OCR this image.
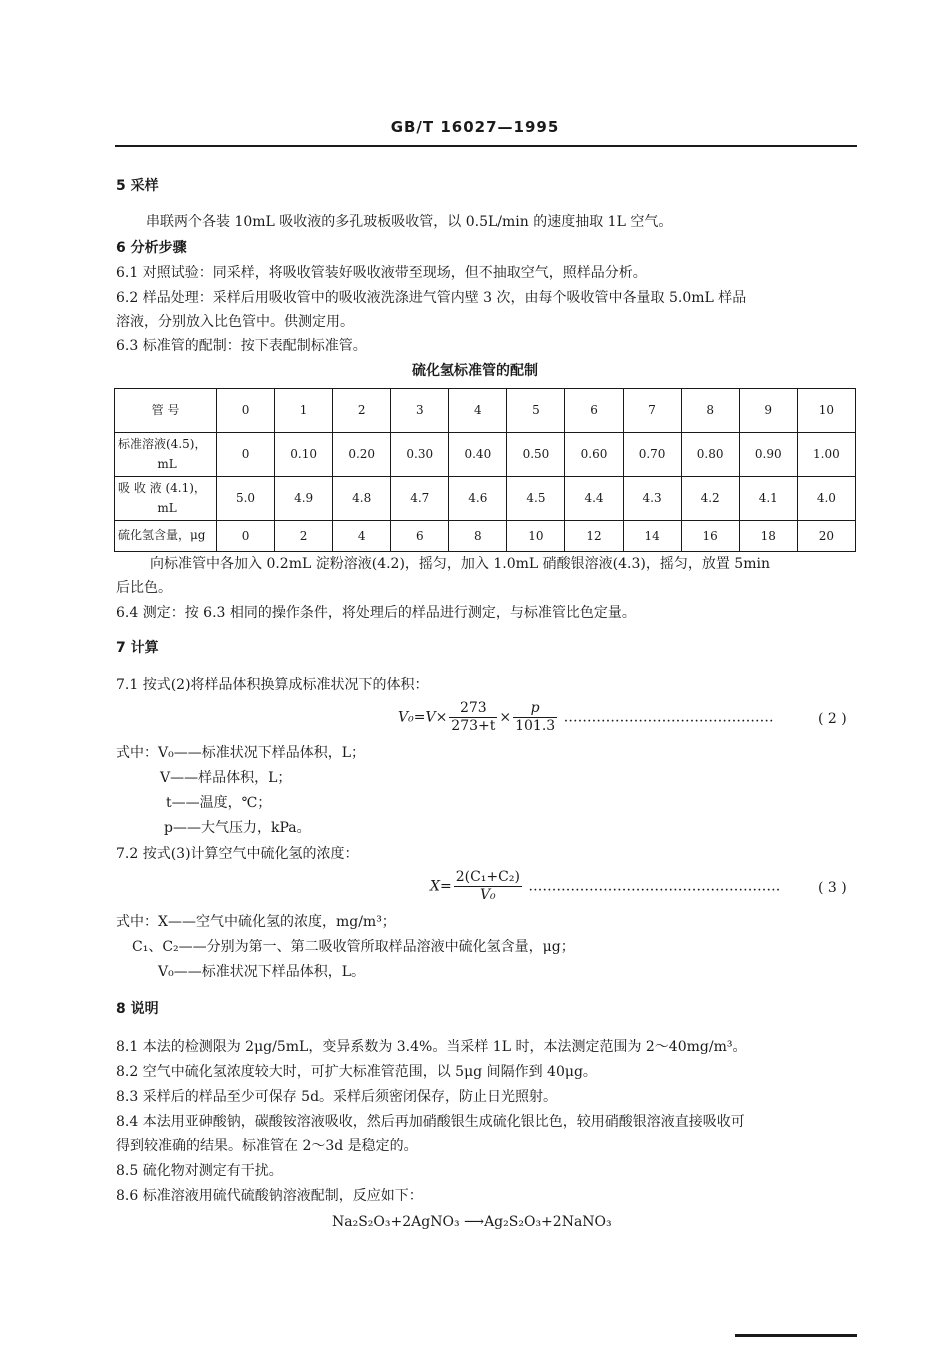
GB/T 16027—1995
5 采样
串联两个各装 10mL 吸收液的多孔玻板吸收管，以 0.5L/min 的速度抽取 1L 空气。
6 分析步骤
6.1 对照试验：同采样，将吸收管装好吸收液带至现场，但不抽取空气，照样品分析。
6.2 样品处理：采样后用吸收管中的吸收液洗涤进气管内壁 3 次，由每个吸收管中各量取 5.0mL 样品
溶液，分别放入比色管中。供测定用。
6.3 标准管的配制：按下表配制标准管。
硫化氢标准管的配制
管 号	0	1	2	3	4	5	6	7	8	9	10
标准溶液(4.5)，
mL	0	0.10	0.20	0.30	0.40	0.50	0.60	0.70	0.80	0.90	1.00
吸 收 液 (4.1)，
mL	5.0	4.9	4.8	4.7	4.6	4.5	4.4	4.3	4.2	4.1	4.0
硫化氢含量，μg	0	2	4	6	8	10	12	14	16	18	20
向标准管中各加入 0.2mL 淀粉溶液(4.2)，摇匀，加入 1.0mL 硝酸银溶液(4.3)，摇匀，放置 5min
后比色。
6.4 测定：按 6.3 相同的操作条件，将处理后的样品进行测定，与标准管比色定量。
7 计算
7.1 按式(2)将样品体积换算成标准状况下的体积：
$V_0=V\times \frac{273}{273+t} \times \frac{p}{101.3}$ ………………………………………	( 2 )
式中：V₀——标准状况下样品体积，L；
V——样品体积，L；
t——温度，℃；
p——大气压力，kPa。
7.2 按式(3)计算空气中硫化氢的浓度：
$X= \frac{\text{2(C₁+C₂)}}{\text{V₀}}$ ………………………………………………	( 3 )
式中：X——空气中硫化氢的浓度，mg/m³；
C₁、C₂——分别为第一、第二吸收管所取样品溶液中硫化氢含量，μg；
V₀——标准状况下样品体积，L。
8 说明
8.1 本法的检测限为 2μg/5mL，变异系数为 3.4%。当采样 1L 时，本法测定范围为 2～40mg/m³。
8.2 空气中硫化氢浓度较大时，可扩大标准管范围，以 5μg 间隔作到 40μg。
8.3 采样后的样品至少可保存 5d。采样后须密闭保存，防止日光照射。
8.4 本法用亚砷酸钠，碳酸铵溶液吸收，然后再加硝酸银生成硫化银比色，较用硝酸银溶液直接吸收可
得到较准确的结果。标准管在 2～3d 是稳定的。
8.5 硫化物对测定有干扰。
8.6 标准溶液用硫代硫酸钠溶液配制，反应如下：
Na₂S₂O₃+2AgNO₃ ⟶Ag₂S₂O₃+2NaNO₃
